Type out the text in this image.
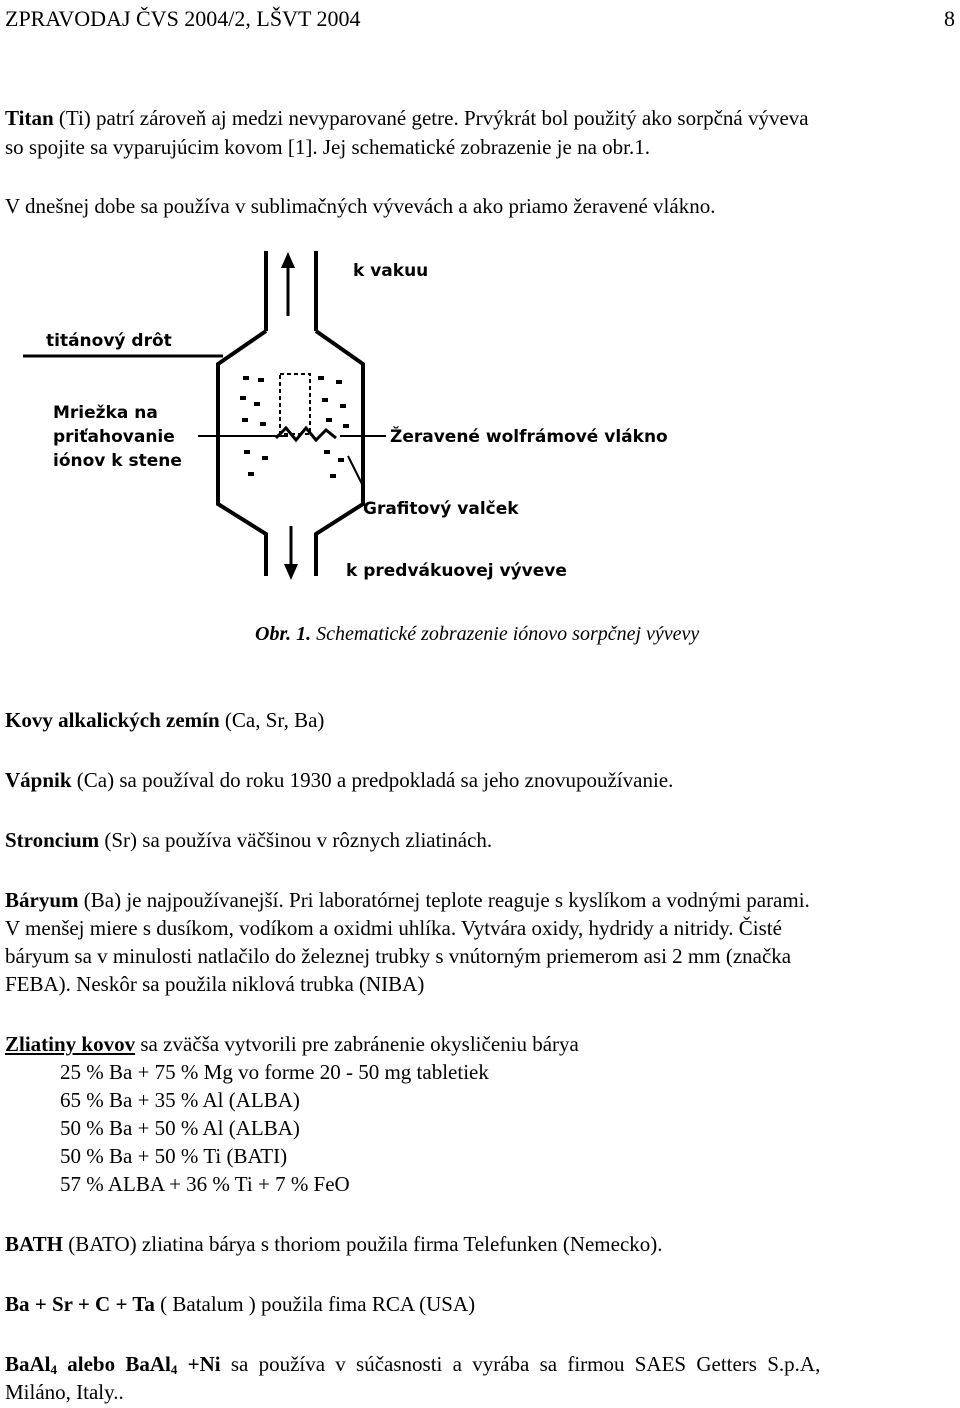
ZPRAVODAJ ČVS 2004/2, LŠVT 2004	8
Titan (Ti) patrí zároveň aj medzi nevyparované getre. Prvýkrát bol použitý ako sorpčná výveva
so spojite sa vyparujúcim kovom [1]. Jej schematické zobrazenie je na obr.1.
V dnešnej dobe sa používa v sublimačných vývevách a ako priamo žeravené vlákno.
k vakuu
titánový drôt
Mriežka na
priťahovanie
iónov k stene
Žeravené wolfrámové vlákno
Grafitový valček
k predvákuovej výveve
Obr. 1. Schematické zobrazenie iónovo sorpčnej vývevy
Kovy alkalických zemín (Ca, Sr, Ba)
Vápnik (Ca) sa používal do roku 1930 a predpokladá sa jeho znovupoužívanie.
Stroncium (Sr) sa používa väčšinou v rôznych zliatinách.
Báryum (Ba) je najpoužívanejší. Pri laboratórnej teplote reaguje s kyslíkom a vodnými parami.
V menšej miere s dusíkom, vodíkom a oxidmi uhlíka. Vytvára oxidy, hydridy a nitridy. Čisté
báryum sa v minulosti natlačilo do železnej trubky s vnútorným priemerom asi 2 mm (značka
FEBA). Neskôr sa použila niklová trubka (NIBA)
Zliatiny kovov sa zväčša vytvorili pre zabránenie okysličeniu bárya
25 % Ba + 75 % Mg vo forme 20 - 50 mg tabletiek
65 % Ba + 35 % Al (ALBA)
50 % Ba + 50 % Al (ALBA)
50 % Ba + 50 % Ti (BATI)
57 % ALBA + 36 % Ti + 7 % FeO
BATH (BATO) zliatina bárya s thoriom použila firma Telefunken (Nemecko).
Ba + Sr + C + Ta ( Batalum ) použila fima RCA (USA)
BaAl$_4$ alebo BaAl$_4$ +Ni sa používa v súčasnosti a vyrába sa firmou SAES Getters S.p.A,
Miláno, Italy..
